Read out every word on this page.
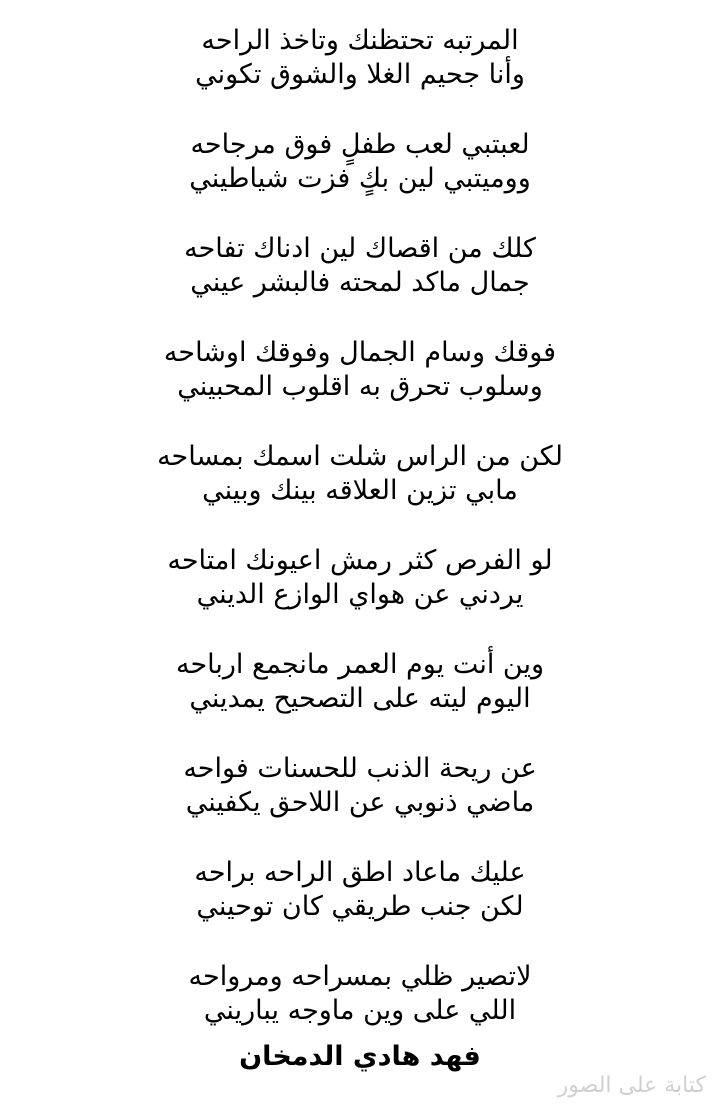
المرتبه تحتظنك وتاخذ الراحه
وأنا جحيم الغلا والشوق تكوني
لعبتبي لعب طفلٍ فوق مرجاحه
ووميتبي لين بكٍ فزت شياطيني
كلك من اقصاك لين ادناك تفاحه
جمال ماكد لمحته فالبشر عيني
فوقك وسام الجمال وفوقك اوشاحه
وسلوب تحرق به اقلوب المحبيني
لكن من الراس شلت اسمك بمساحه
مابي تزين العلاقه بينك وبيني
لو الفرص كثر رمش اعيونك امتاحه
يردني عن هواي الوازع الديني
وين أنت يوم العمر مانجمع ارباحه
اليوم ليته على التصحيح يمديني
عن ريحة الذنب للحسنات فواحه
ماضي ذنوبي عن اللاحق يكفيني
عليك ماعاد اطق الراحه براحه
لكن جنب طريقي كان توحيني
لاتصير ظلي بمسراحه ومرواحه
اللي على وين ماوجه يباريني
فهد هادي الدمخان
كتابة على الصور
